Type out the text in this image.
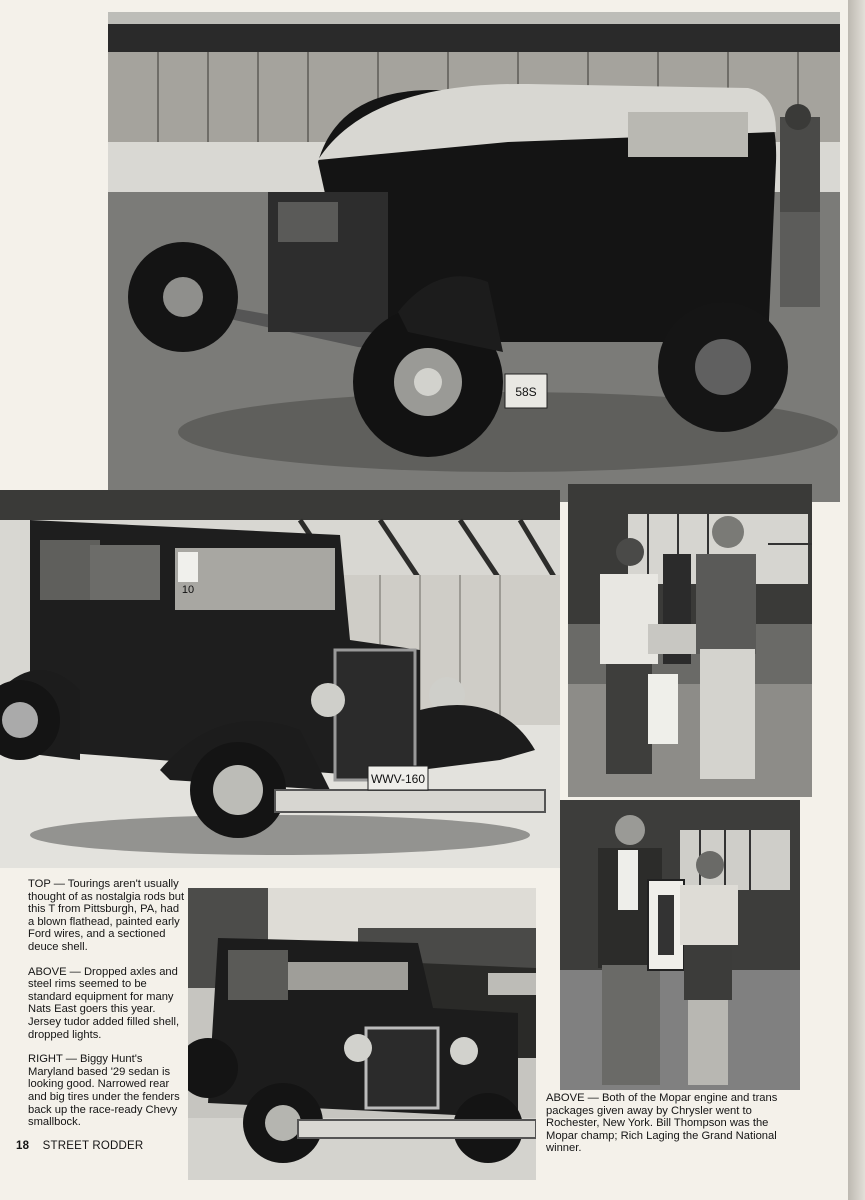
58S
10
WWV-160

TOP — Tourings aren't usually thought of as nostalgia rods but this T from Pittsburgh, PA, had a blown flathead, painted early Ford wires, and a sectioned deuce shell.

ABOVE — Dropped axles and steel rims seemed to be standard equipment for many Nats East goers this year. Jersey tudor added filled shell, dropped lights.

RIGHT — Biggy Hunt's Maryland based '29 sedan is looking good. Narrowed rear and big tires under the fenders back up the race-ready Chevy smallbock.

ABOVE — Both of the Mopar engine and trans packages given away by Chrysler went to Rochester, New York. Bill Thompson was the Mopar champ; Rich Laging the Grand National winner.

18 STREET RODDER
